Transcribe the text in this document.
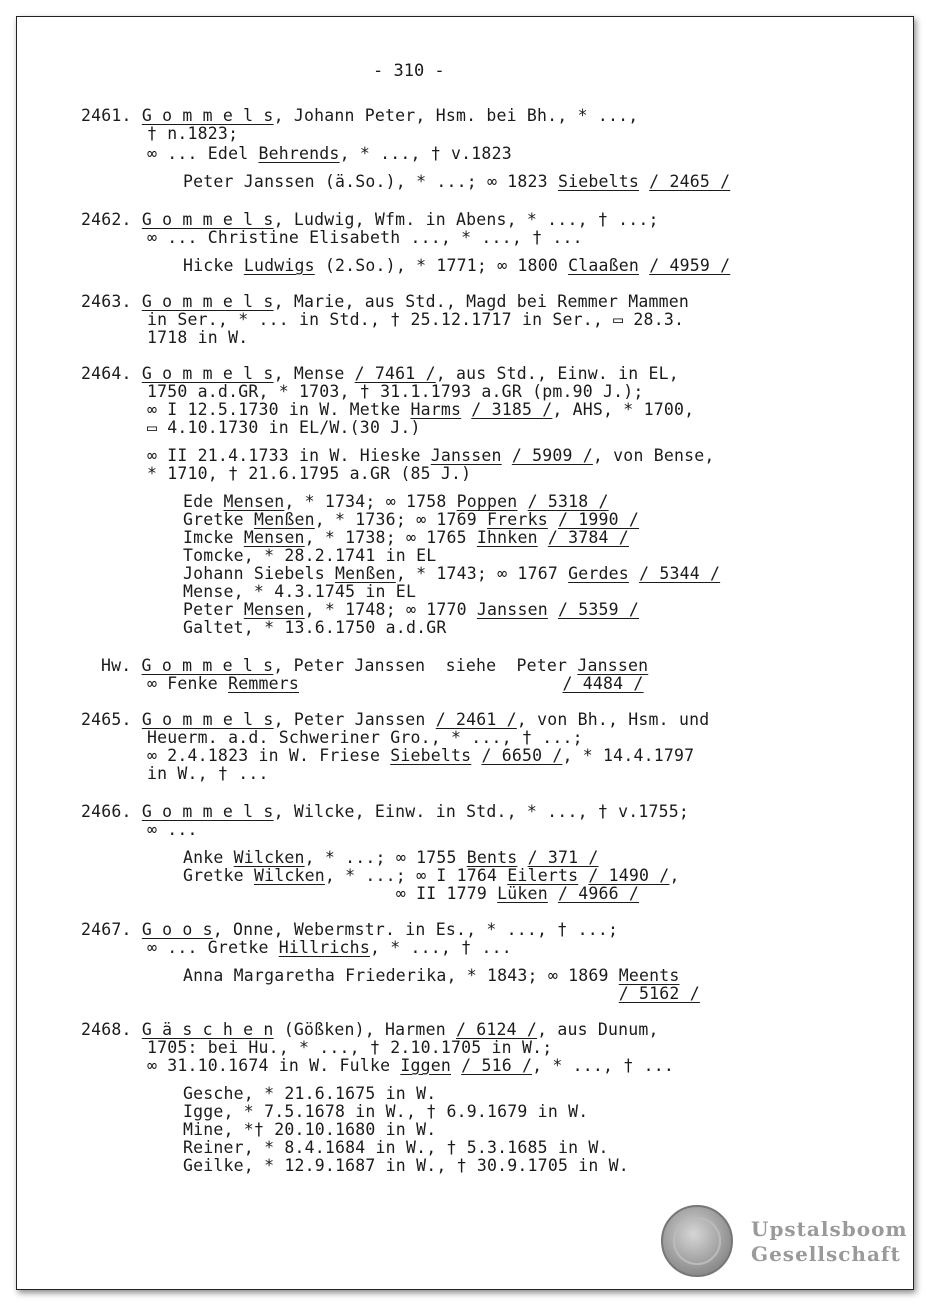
- 310 -
2461. G o m m e l s, Johann Peter, Hsm. bei Bh., * ...,
† n.1823;
∞ ... Edel Behrends, * ..., † v.1823
Peter Janssen (ä.So.), * ...; ∞ 1823 Siebelts / 2465 /
2462. G o m m e l s, Ludwig, Wfm. in Abens, * ..., † ...;
∞ ... Christine Elisabeth ..., * ..., † ...
Hicke Ludwigs (2.So.), * 1771; ∞ 1800 Claaßen / 4959 /
2463. G o m m e l s, Marie, aus Std., Magd bei Remmer Mammen
in Ser., * ... in Std., † 25.12.1717 in Ser., ▭ 28.3.
1718 in W.
2464. G o m m e l s, Mense / 7461 /, aus Std., Einw. in EL,
1750 a.d.GR, * 1703, † 31.1.1793 a.GR (pm.90 J.);
∞ I 12.5.1730 in W. Metke Harms / 3185 /, AHS, * 1700,
▭ 4.10.1730 in EL/W.(30 J.)
∞ II 21.4.1733 in W. Hieske Janssen / 5909 /, von Bense,
* 1710, † 21.6.1795 a.GR (85 J.)
Ede Mensen, * 1734; ∞ 1758 Poppen / 5318 /
Gretke Menßen, * 1736; ∞ 1769 Frerks / 1990 /
Imcke Mensen, * 1738; ∞ 1765 Ihnken / 3784 /
Tomcke, * 28.2.1741 in EL
Johann Siebels Menßen, * 1743; ∞ 1767 Gerdes / 5344 /
Mense, * 4.3.1745 in EL
Peter Mensen, * 1748; ∞ 1770 Janssen / 5359 /
Galtet, * 13.6.1750 a.d.GR
Hw. G o m m e l s, Peter Janssen  siehe  Peter Janssen
∞ Fenke Remmers	/ 4484 /
2465. G o m m e l s, Peter Janssen / 2461 /, von Bh., Hsm. und
Heuerm. a.d. Schweriner Gro., * ..., † ...;
∞ 2.4.1823 in W. Friese Siebelts / 6650 /, * 14.4.1797
in W., † ...
2466. G o m m e l s, Wilcke, Einw. in Std., * ..., † v.1755;
∞ ...
Anke Wilcken, * ...; ∞ 1755 Bents / 371 /
Gretke Wilcken, * ...; ∞ I 1764 Eilerts / 1490 /,
∞ II 1779 Lüken / 4966 /
2467. G o o s, Onne, Webermstr. in Es., * ..., † ...;
∞ ... Gretke Hillrichs, * ..., † ...
Anna Margaretha Friederika, * 1843; ∞ 1869 Meents
/ 5162 /
2468. G ä s c h e n (Gößken), Harmen / 6124 /, aus Dunum,
1705: bei Hu., * ..., † 2.10.1705 in W.;
∞ 31.10.1674 in W. Fulke Iggen / 516 /, * ..., † ...
Gesche, * 21.6.1675 in W.
Igge, * 7.5.1678 in W., † 6.9.1679 in W.
Mine, *† 20.10.1680 in W.
Reiner, * 8.4.1684 in W., † 5.3.1685 in W.
Geilke, * 12.9.1687 in W., † 30.9.1705 in W.
Upstalsboom
Gesellschaft
